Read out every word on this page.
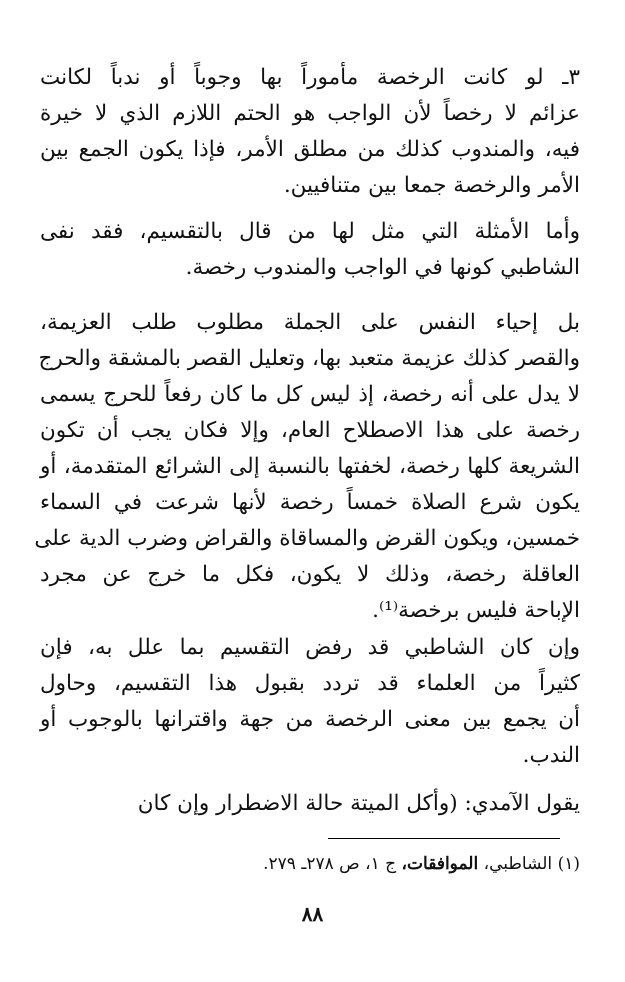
٣ـ لو كانت الرخصة مأموراً بها وجوباً أو ندباً لكانت
عزائم لا رخصاً لأن الواجب هو الحتم اللازم الذي لا خيرة
فيه، والمندوب كذلك من مطلق الأمر، فإذا يكون الجمع بين
الأمر والرخصة جمعا بين متنافيين.
وأما الأمثلة التي مثل لها من قال بالتقسيم، فقد نفى
الشاطبي كونها في الواجب والمندوب رخصة.
بل إحياء النفس على الجملة مطلوب طلب العزيمة،
والقصر كذلك عزيمة متعبد بها، وتعليل القصر بالمشقة والحرج
لا يدل على أنه رخصة، إذ ليس كل ما كان رفعاً للحرج يسمى
رخصة على هذا الاصطلاح العام، وإلا فكان يجب أن تكون
الشريعة كلها رخصة، لخفتها بالنسبة إلى الشرائع المتقدمة، أو
يكون شرع الصلاة خمساً رخصة لأنها شرعت في السماء
خمسين، ويكون القرض والمساقاة والقراض وضرب الدية على
العاقلة رخصة، وذلك لا يكون، فكل ما خرج عن مجرد
الإباحة فليس برخصة⁽¹⁾.
وإن كان الشاطبي قد رفض التقسيم بما علل به، فإن
كثيراً من العلماء قد تردد بقبول هذا التقسيم، وحاول
أن يجمع بين معنى الرخصة من جهة واقترانها بالوجوب أو
الندب.
يقول الآمدي: (وأكل الميتة حالة الاضطرار وإن كان
(١) الشاطبي، الموافقات، ج ١، ص ٢٧٨ـ ٢٧٩.
٨٨
